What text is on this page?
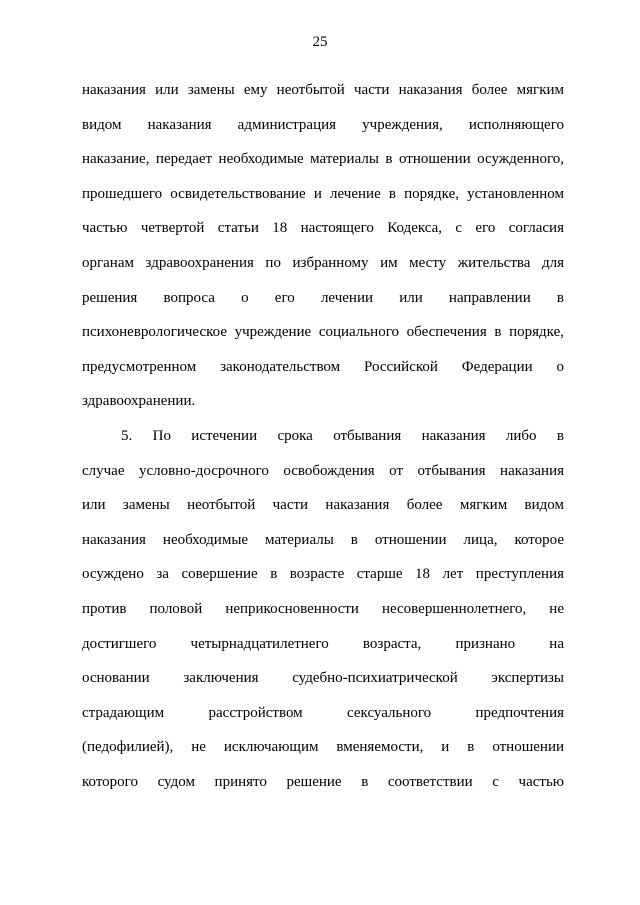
25
наказания или замены ему неотбытой части наказания более мягким
видом наказания администрация учреждения, исполняющего
наказание, передает необходимые материалы в отношении осужденного,
прошедшего освидетельствование и лечение в порядке, установленном
частью четвертой статьи 18 настоящего Кодекса, с его согласия
органам здравоохранения по избранному им месту жительства для
решения вопроса о его лечении или направлении в
психоневрологическое учреждение социального обеспечения в порядке,
предусмотренном законодательством Российской Федерации о
здравоохранении.
5. По истечении срока отбывания наказания либо в
случае условно-досрочного освобождения от отбывания наказания
или замены неотбытой части наказания более мягким видом
наказания необходимые материалы в отношении лица, которое
осуждено за совершение в возрасте старше 18 лет преступления
против половой неприкосновенности несовершеннолетнего, не
достигшего четырнадцатилетнего возраста, признано на
основании заключения судебно-психиатрической экспертизы
страдающим расстройством сексуального предпочтения
(педофилией), не исключающим вменяемости, и в отношении
которого судом принято решение в соответствии с частью
